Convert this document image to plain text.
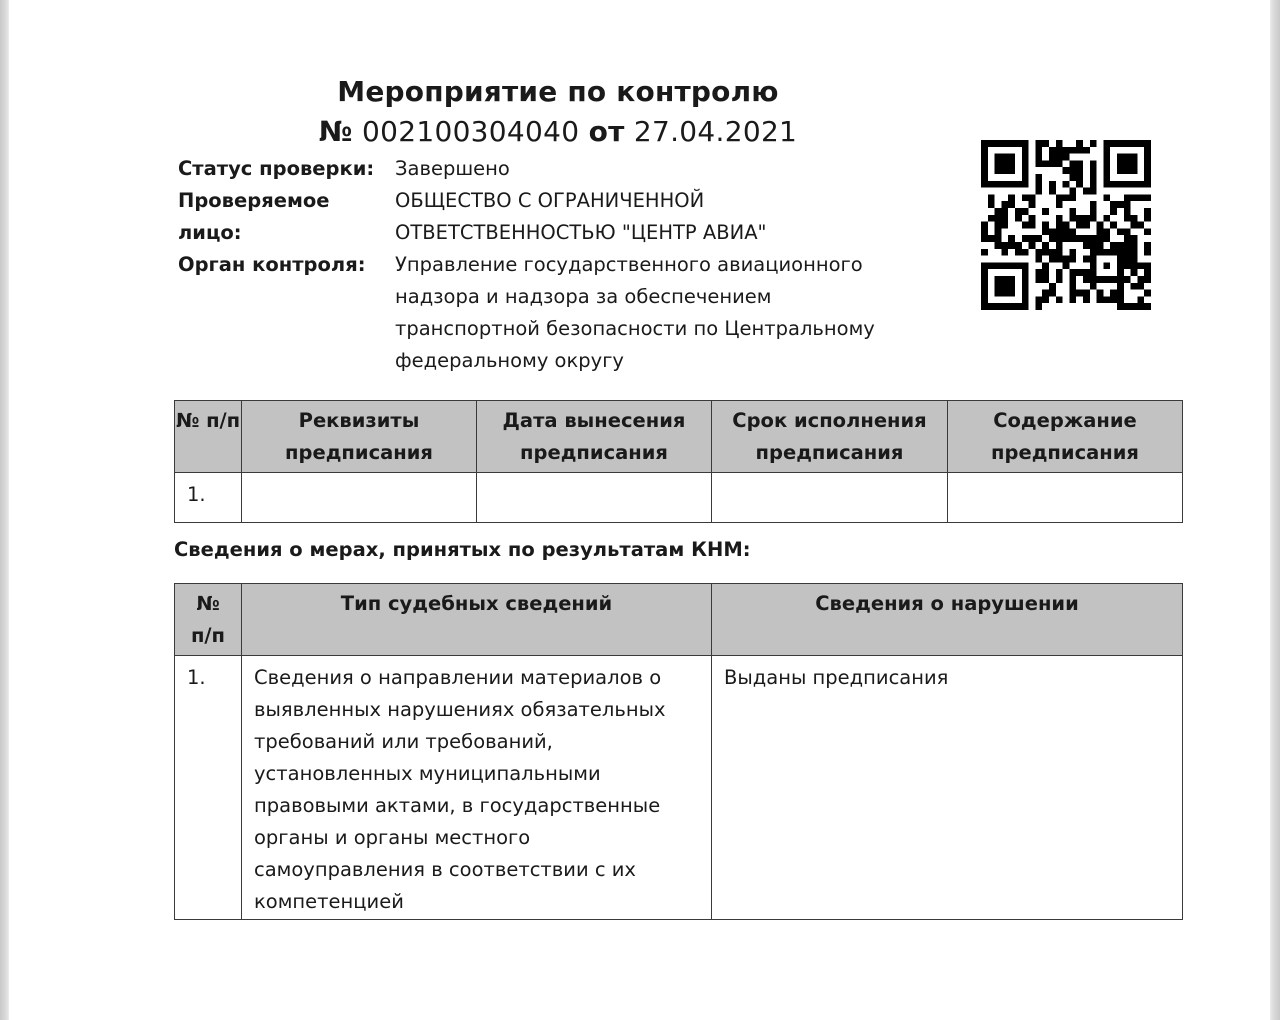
Мероприятие по контролю
№ 002100304040 от 27.04.2021
Статус проверки:	Завершено
Проверяемое лицо:
ОБЩЕСТВО С ОГРАНИЧЕННОЙ ОТВЕТСТВЕННОСТЬЮ "ЦЕНТР АВИА"
Орган контроля:	Управление государственного авиационного надзора и надзора за обеспечением транспортной безопасности по Центральному федеральному округу
№ п/п	Реквизиты предписания	Дата вынесения предписания	Срок исполнения предписания	Содержание предписания
1.				
Сведения о мерах, принятых по результатам КНМ:
№ п/п	Тип судебных сведений	Сведения о нарушении
1.	Сведения о направлении материалов о выявленных нарушениях обязательных требований или требований, установленных муниципальными правовыми актами, в государственные органы и органы местного самоуправления в соответствии с их компетенцией	Выданы предписания
